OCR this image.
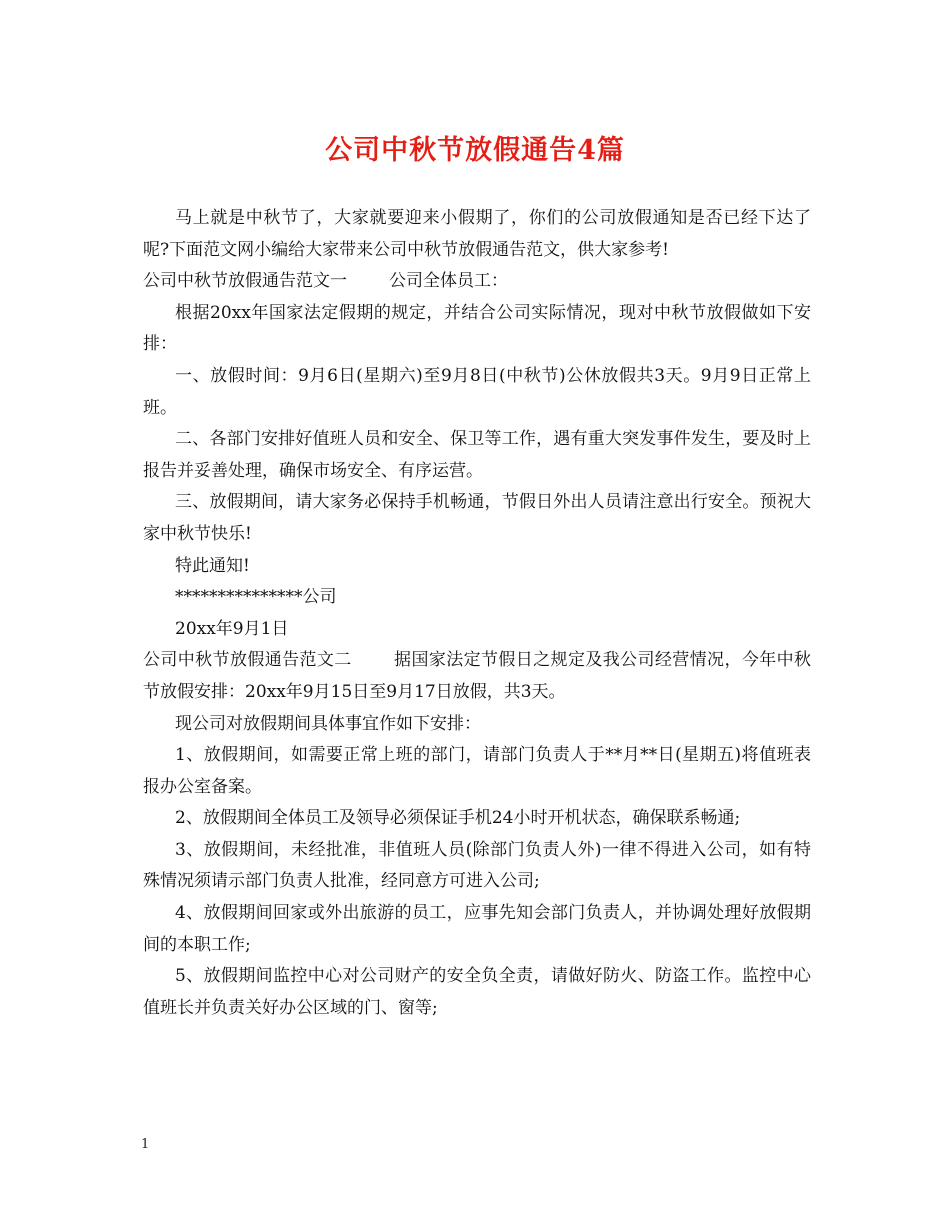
公司中秋节放假通告4篇

马上就是中秋节了，大家就要迎来小假期了，你们的公司放假通知是否已经下达了呢?下面范文网小编给大家带来公司中秋节放假通告范文，供大家参考!

公司中秋节放假通告范文一 公司全体员工：

根据20xx年国家法定假期的规定，并结合公司实际情况，现对中秋节放假做如下安排：

一、放假时间：9月6日(星期六)至9月8日(中秋节)公休放假共3天。9月9日正常上班。

二、各部门安排好值班人员和安全、保卫等工作，遇有重大突发事件发生，要及时上报告并妥善处理，确保市场安全、有序运营。

三、放假期间，请大家务必保持手机畅通，节假日外出人员请注意出行安全。预祝大家中秋节快乐!

特此通知!

***************公司

20xx年9月1日

公司中秋节放假通告范文二 据国家法定节假日之规定及我公司经营情况，今年中秋节放假安排：20xx年9月15日至9月17日放假，共3天。

现公司对放假期间具体事宜作如下安排：

1、放假期间，如需要正常上班的部门，请部门负责人于**月**日(星期五)将值班表报办公室备案。

2、放假期间全体员工及领导必须保证手机24小时开机状态，确保联系畅通;

3、放假期间，未经批准，非值班人员(除部门负责人外)一律不得进入公司，如有特殊情况须请示部门负责人批准，经同意方可进入公司;

4、放假期间回家或外出旅游的员工，应事先知会部门负责人，并协调处理好放假期间的本职工作;

5、放假期间监控中心对公司财产的安全负全责，请做好防火、防盗工作。监控中心值班长并负责关好办公区域的门、窗等;

1
